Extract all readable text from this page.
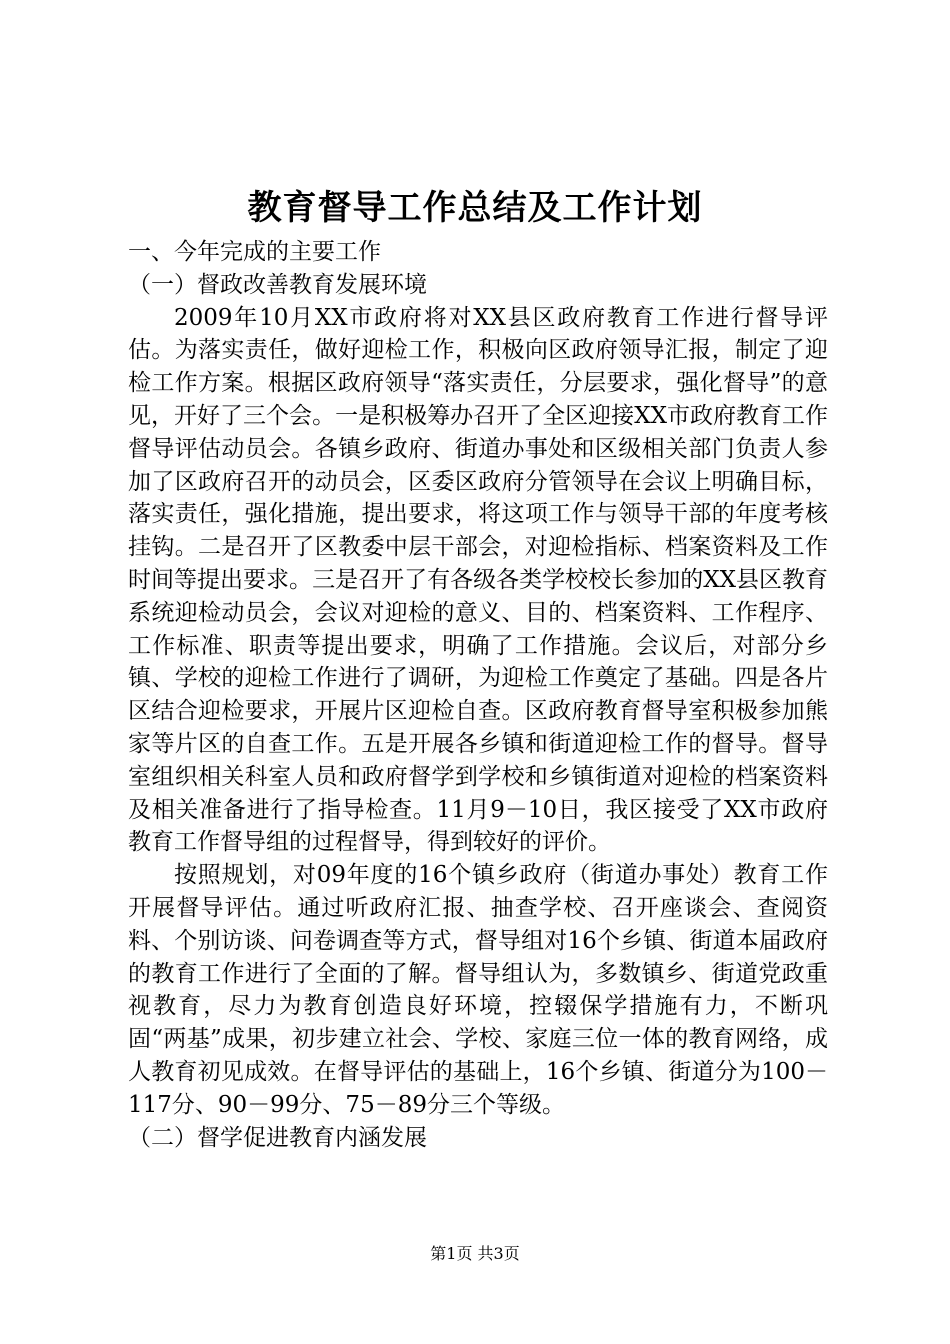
教育督导工作总结及工作计划

一、今年完成的主要工作

（一）督政改善教育发展环境

2009年10月XX市政府将对XX县区政府教育工作进行督导评估。为落实责任，做好迎检工作，积极向区政府领导汇报，制定了迎检工作方案。根据区政府领导“落实责任，分层要求，强化督导”的意见，开好了三个会。一是积极筹办召开了全区迎接XX市政府教育工作督导评估动员会。各镇乡政府、街道办事处和区级相关部门负责人参加了区政府召开的动员会，区委区政府分管领导在会议上明确目标，落实责任，强化措施，提出要求，将这项工作与领导干部的年度考核挂钩。二是召开了区教委中层干部会，对迎检指标、档案资料及工作时间等提出要求。三是召开了有各级各类学校校长参加的XX县区教育系统迎检动员会，会议对迎检的意义、目的、档案资料、工作程序、工作标准、职责等提出要求，明确了工作措施。会议后，对部分乡镇、学校的迎检工作进行了调研，为迎检工作奠定了基础。四是各片区结合迎检要求，开展片区迎检自查。区政府教育督导室积极参加熊家等片区的自查工作。五是开展各乡镇和街道迎检工作的督导。督导室组织相关科室人员和政府督学到学校和乡镇街道对迎检的档案资料及相关准备进行了指导检查。11月9－10日，我区接受了XX市政府教育工作督导组的过程督导，得到较好的评价。

按照规划，对09年度的16个镇乡政府（街道办事处）教育工作开展督导评估。通过听政府汇报、抽查学校、召开座谈会、查阅资料、个别访谈、问卷调查等方式，督导组对16个乡镇、街道本届政府的教育工作进行了全面的了解。督导组认为，多数镇乡、街道党政重视教育，尽力为教育创造良好环境，控辍保学措施有力，不断巩固“两基”成果，初步建立社会、学校、家庭三位一体的教育网络，成人教育初见成效。在督导评估的基础上，16个乡镇、街道分为100－117分、90－99分、75－89分三个等级。

（二）督学促进教育内涵发展

第1页 共3页
